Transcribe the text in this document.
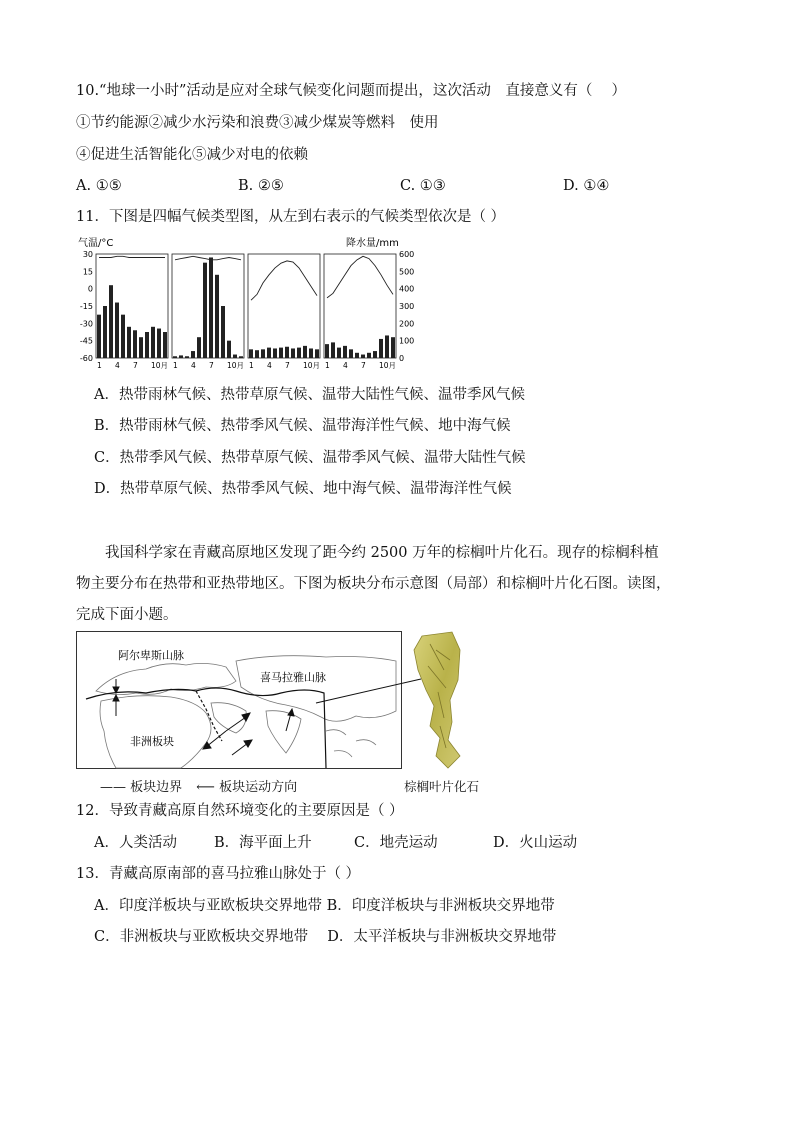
10.“地球一小时”活动是应对全球气候变化问题而提出，这次活动　直接意义有（　 ）
①节约能源②减少水污染和浪费③减少煤炭等燃料　使用
④促进生活智能化⑤减少对电的依赖
A. ①⑤	B. ②⑤	C. ①③	D. ①④
11．下图是四幅气候类型图，从左到右表示的气候类型依次是（ ）
气温/°C	降水量/mm
30
15
0
-15
-30
-45
-60
600
500
400
300
200
100
0
1 4 7 10月 1 4 7 10月 1 4 7 10月 1 4 7 10月
A．热带雨林气候、热带草原气候、温带大陆性气候、温带季风气候
B．热带雨林气候、热带季风气候、温带海洋性气候、地中海气候
C．热带季风气候、热带草原气候、温带季风气候、温带大陆性气候
D．热带草原气候、热带季风气候、地中海气候、温带海洋性气候
　　我国科学家在青藏高原地区发现了距今约 2500 万年的棕榈叶片化石。现存的棕榈科植
物主要分布在热带和亚热带地区。下图为板块分布示意图（局部）和棕榈叶片化石图。读图，
完成下面小题。
阿尔卑斯山脉
喜马拉雅山脉
非洲板块
—— 板块边界 ⟵ 板块运动方向	棕榈叶片化石
12．导致青藏高原自然环境变化的主要原因是（ ）
A．人类活动	B．海平面上升	C．地壳运动	D．火山运动
13．青藏高原南部的喜马拉雅山脉处于（ ）
A．印度洋板块与亚欧板块交界地带 B．印度洋板块与非洲板块交界地带
C．非洲板块与亚欧板块交界地带　 D．太平洋板块与非洲板块交界地带
